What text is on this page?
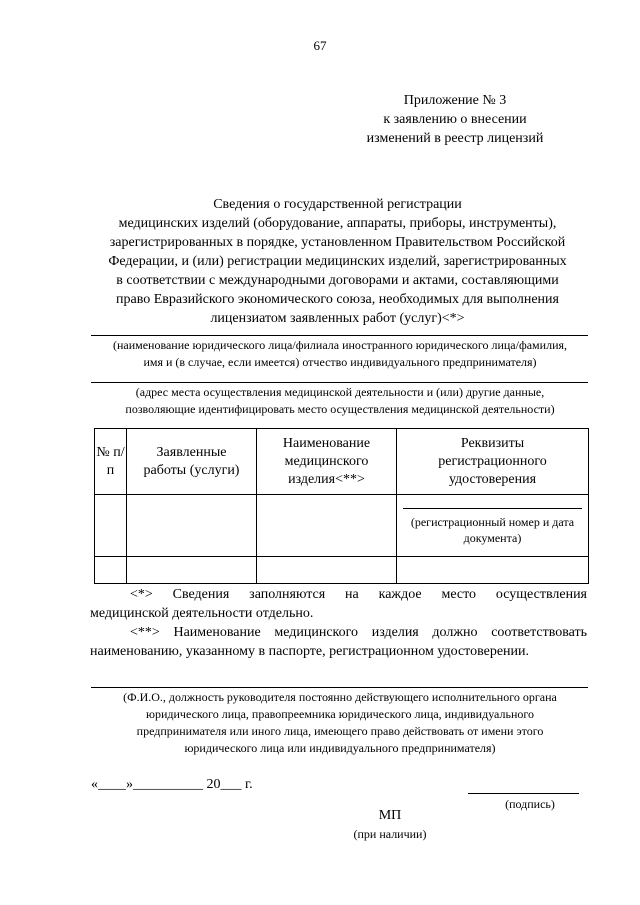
67
Приложение № 3
к заявлению о внесении
изменений в реестр лицензий
Сведения о государственной регистрации
медицинских изделий (оборудование, аппараты, приборы, инструменты),
зарегистрированных в порядке, установленном Правительством Российской
Федерации, и (или) регистрации медицинских изделий, зарегистрированных
в соответствии с международными договорами и актами, составляющими
право Евразийского экономического союза, необходимых для выполнения
лицензиатом заявленных работ (услуг)<*>
(наименование юридического лица/филиала иностранного юридического лица/фамилия,
имя и (в случае, если имеется) отчество индивидуального предпринимателя)
(адрес места осуществления медицинской деятельности и (или) другие данные,
позволяющие идентифицировать место осуществления медицинской деятельности)
№ п/п	Заявленные работы (услуги)	Наименование медицинского изделия<**>	Реквизиты регистрационного удостоверения

			(регистрационный номер и дата документа)

<*> Сведения заполняются на каждое место осуществления
медицинской деятельности отдельно.
<**> Наименование медицинского изделия должно соответствовать наименованию, указанному в паспорте, регистрационном удостоверении.
(Ф.И.О., должность руководителя постоянно действующего исполнительного органа
юридического лица, правопреемника юридического лица, индивидуального
предпринимателя или иного лица, имеющего право действовать от имени этого
юридического лица или индивидуального предпринимателя)
«____»__________ 20___ г.
(подпись)
МП
(при наличии)
